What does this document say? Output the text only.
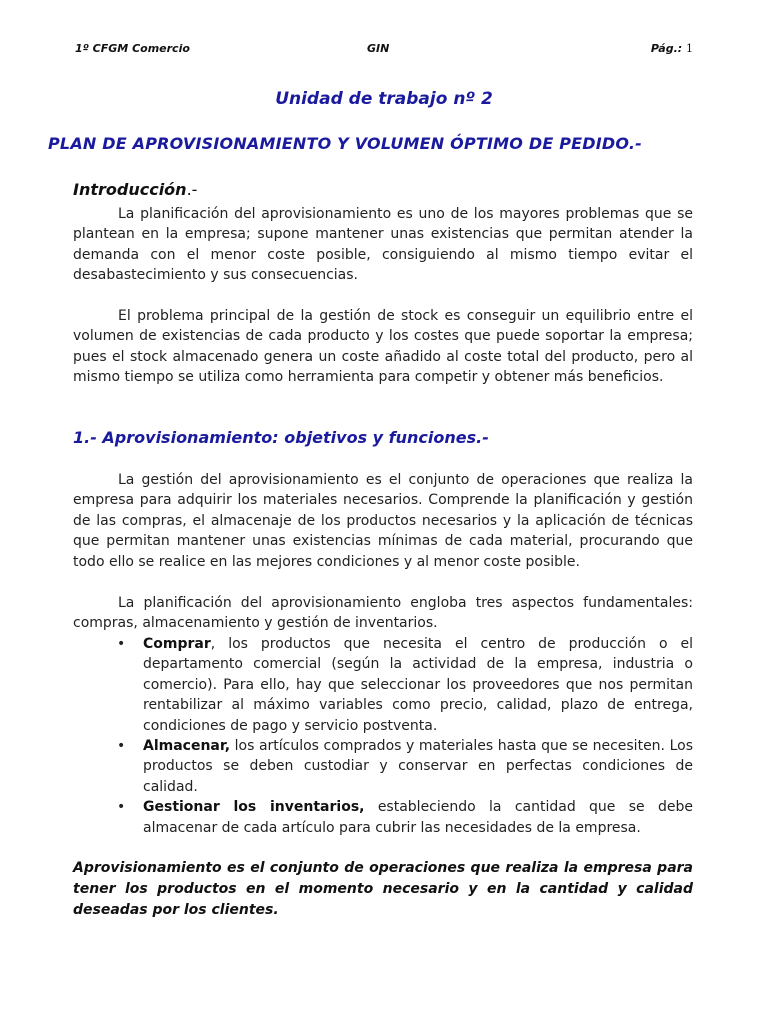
1º CFGM Comercio	GIN	Pág.: 1
Unidad de trabajo nº 2
PLAN DE APROVISIONAMIENTO Y VOLUMEN ÓPTIMO DE PEDIDO.-
Introducción.-
La planificación del aprovisionamiento es uno de los mayores problemas que se plantean en la empresa; supone mantener unas existencias que permitan atender la demanda con el menor coste posible, consiguiendo al mismo tiempo evitar el desabastecimiento y sus consecuencias.
El problema principal de la gestión de stock es conseguir un equilibrio entre el volumen de existencias de cada producto y los costes que puede soportar la empresa; pues el stock almacenado genera un coste añadido al coste total del producto, pero al mismo tiempo se utiliza como herramienta para competir y obtener más beneficios.
1.- Aprovisionamiento: objetivos y funciones.-
La gestión del aprovisionamiento es el conjunto de operaciones que realiza la empresa para adquirir los materiales necesarios. Comprende la planificación y gestión de las compras, el almacenaje de los productos necesarios y la aplicación de técnicas que permitan mantener unas existencias mínimas de cada material, procurando que todo ello se realice en las mejores condiciones y al menor coste posible.
La planificación del aprovisionamiento engloba tres aspectos fundamentales: compras, almacenamiento y gestión de inventarios.
• Comprar, los productos que necesita el centro de producción o el departamento comercial (según la actividad de la empresa, industria o comercio). Para ello, hay que seleccionar los proveedores que nos permitan rentabilizar al máximo variables como precio, calidad, plazo de entrega, condiciones de pago y servicio postventa.
• Almacenar, los artículos comprados y materiales hasta que se necesiten. Los productos se deben custodiar y conservar en perfectas condiciones de calidad.
• Gestionar los inventarios, estableciendo la cantidad que se debe almacenar de cada artículo para cubrir las necesidades de la empresa.
Aprovisionamiento es el conjunto de operaciones que realiza la empresa para tener los productos en el momento necesario y en la cantidad y calidad deseadas por los clientes.
